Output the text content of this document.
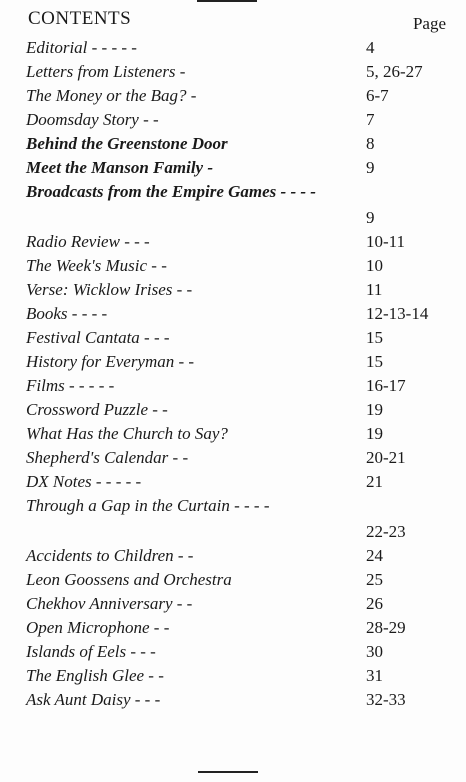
CONTENTS	Page
Editorial - - - - -	4
Letters from Listeners -	5, 26-27
The Money or the Bag? -	6-7
Doomsday Story - -	7
Behind the Greenstone Door	8
Meet the Manson Family -	9
Broadcasts from the Empire Games - - - -
9
Radio Review - - -	10-11
The Week's Music - -	10
Verse: Wicklow Irises - -	11
Books - - - -	12-13-14
Festival Cantata - - -	15
History for Everyman - -	15
Films - - - - -	16-17
Crossword Puzzle - -	19
What Has the Church to Say?	19
Shepherd's Calendar - -	20-21
DX Notes - - - - -	21
Through a Gap in the Curtain - - - -
22-23
Accidents to Children - -	24
Leon Goossens and Orchestra	25
Chekhov Anniversary - -	26
Open Microphone - -	28-29
Islands of Eels - - -	30
The English Glee - -	31
Ask Aunt Daisy - - -	32-33
